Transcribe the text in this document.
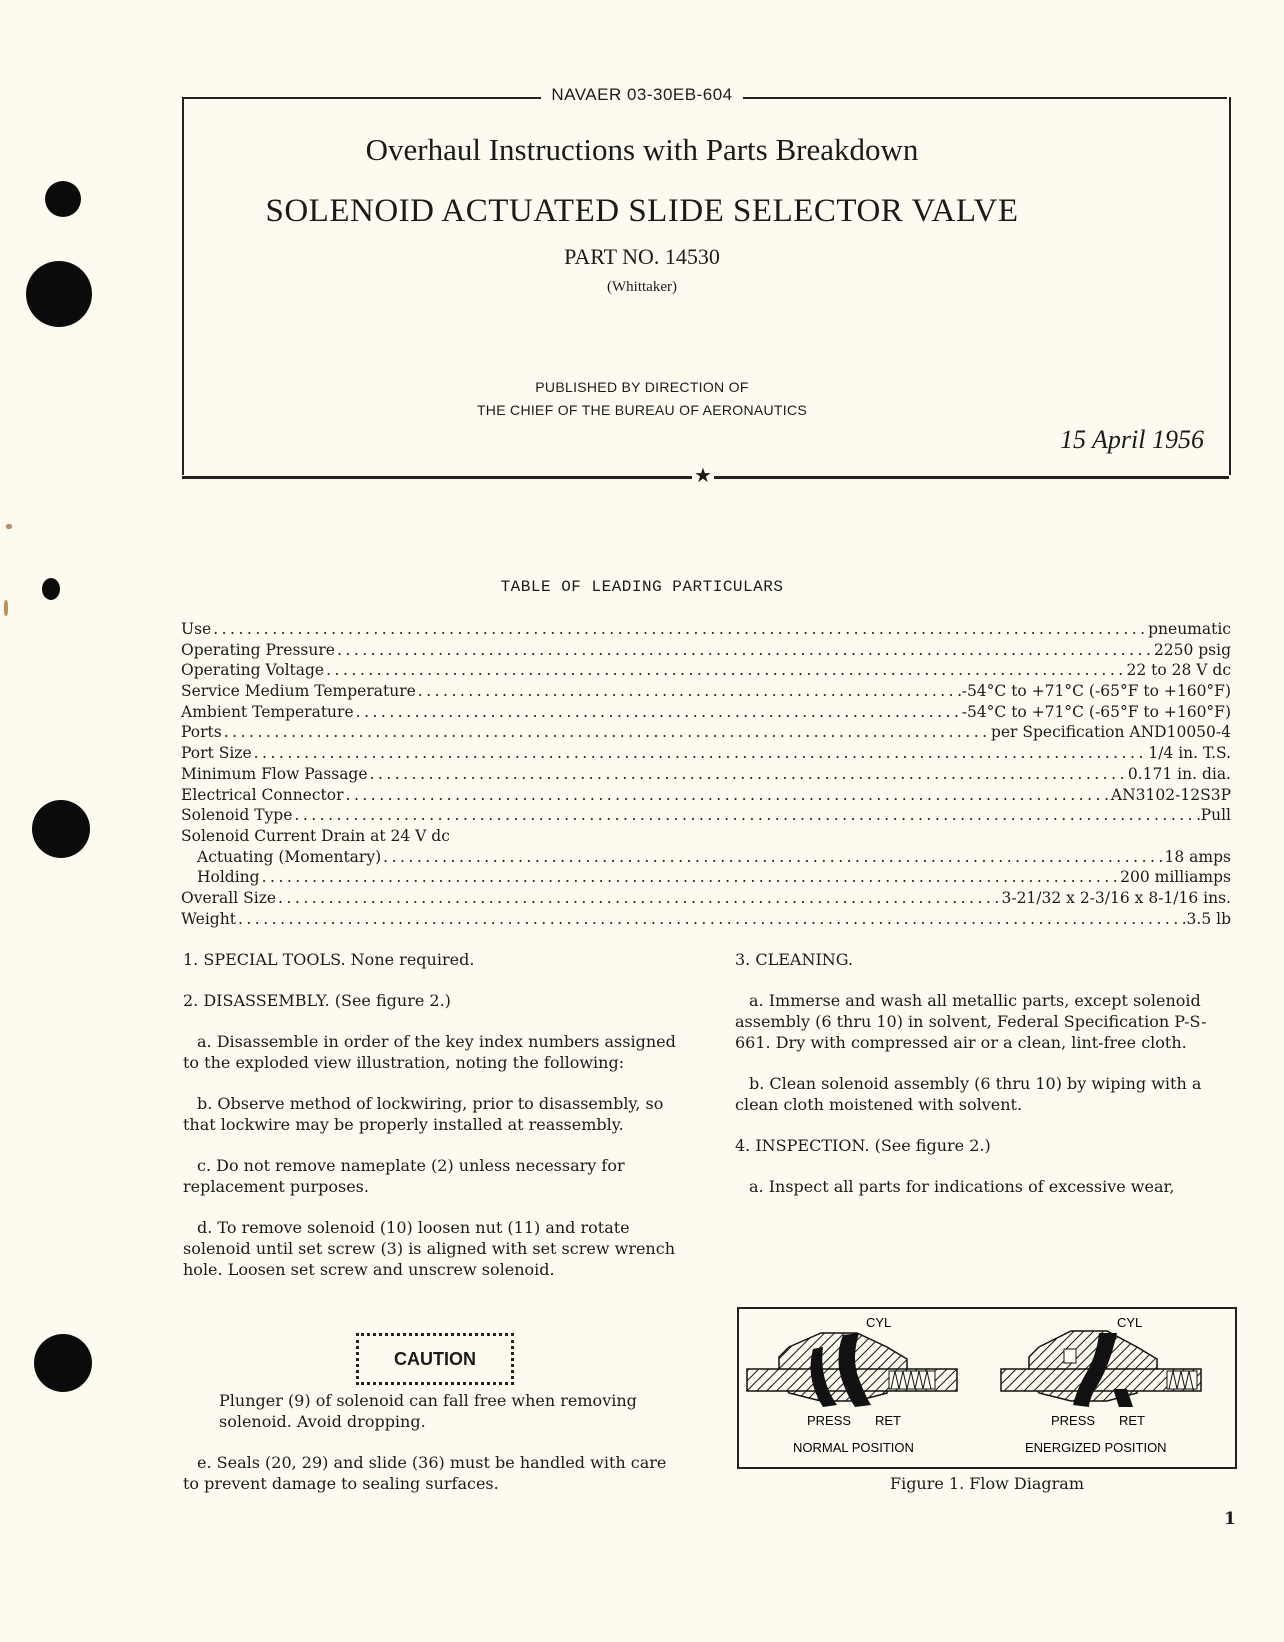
NAVAER 03-30EB-604
Overhaul Instructions with Parts Breakdown
SOLENOID ACTUATED SLIDE SELECTOR VALVE
PART NO. 14530
(Whittaker)
PUBLISHED BY DIRECTION OF
THE CHIEF OF THE BUREAU OF AERONAUTICS
15 April 1956
★
TABLE OF LEADING PARTICULARS
Use .....	pneumatic
Operating Pressure .....	2250 psig
Operating Voltage .....	22 to 28 V dc
Service Medium Temperature .....	-54°C to +71°C (-65°F to +160°F)
Ambient Temperature .....	-54°C to +71°C (-65°F to +160°F)
Ports .....	per Specification AND10050-4
Port Size .....	1/4 in. T.S.
Minimum Flow Passage .....	0.171 in. dia.
Electrical Connector .....	AN3102-12S3P
Solenoid Type .....	Pull
Solenoid Current Drain at 24 V dc
Actuating (Momentary) .....	18 amps
Holding .....	200 milliamps
Overall Size .....	3-21/32 x 2-3/16 x 8-1/16 ins.
Weight .....	3.5 lb

1. SPECIAL TOOLS. None required.

2. DISASSEMBLY. (See figure 2.)

a. Disassemble in order of the key index numbers assigned to the exploded view illustration, noting the following:

b. Observe method of lockwiring, prior to disassembly, so that lockwire may be properly installed at reassembly.

c. Do not remove nameplate (2) unless necessary for replacement purposes.

d. To remove solenoid (10) loosen nut (11) and rotate solenoid until set screw (3) is aligned with set screw wrench hole. Loosen set screw and unscrew solenoid.

CAUTION
Plunger (9) of solenoid can fall free when removing solenoid. Avoid dropping.

e. Seals (20, 29) and slide (36) must be handled with care to prevent damage to sealing surfaces.

3. CLEANING.

a. Immerse and wash all metallic parts, except solenoid assembly (6 thru 10) in solvent, Federal Specification P-S-661. Dry with compressed air or a clean, lint-free cloth.

b. Clean solenoid assembly (6 thru 10) by wiping with a clean cloth moistened with solvent.

4. INSPECTION. (See figure 2.)

a. Inspect all parts for indications of excessive wear,

CYL
PRESS RET
NORMAL POSITION
CYL
PRESS RET
ENERGIZED POSITION
Figure 1. Flow Diagram
1
